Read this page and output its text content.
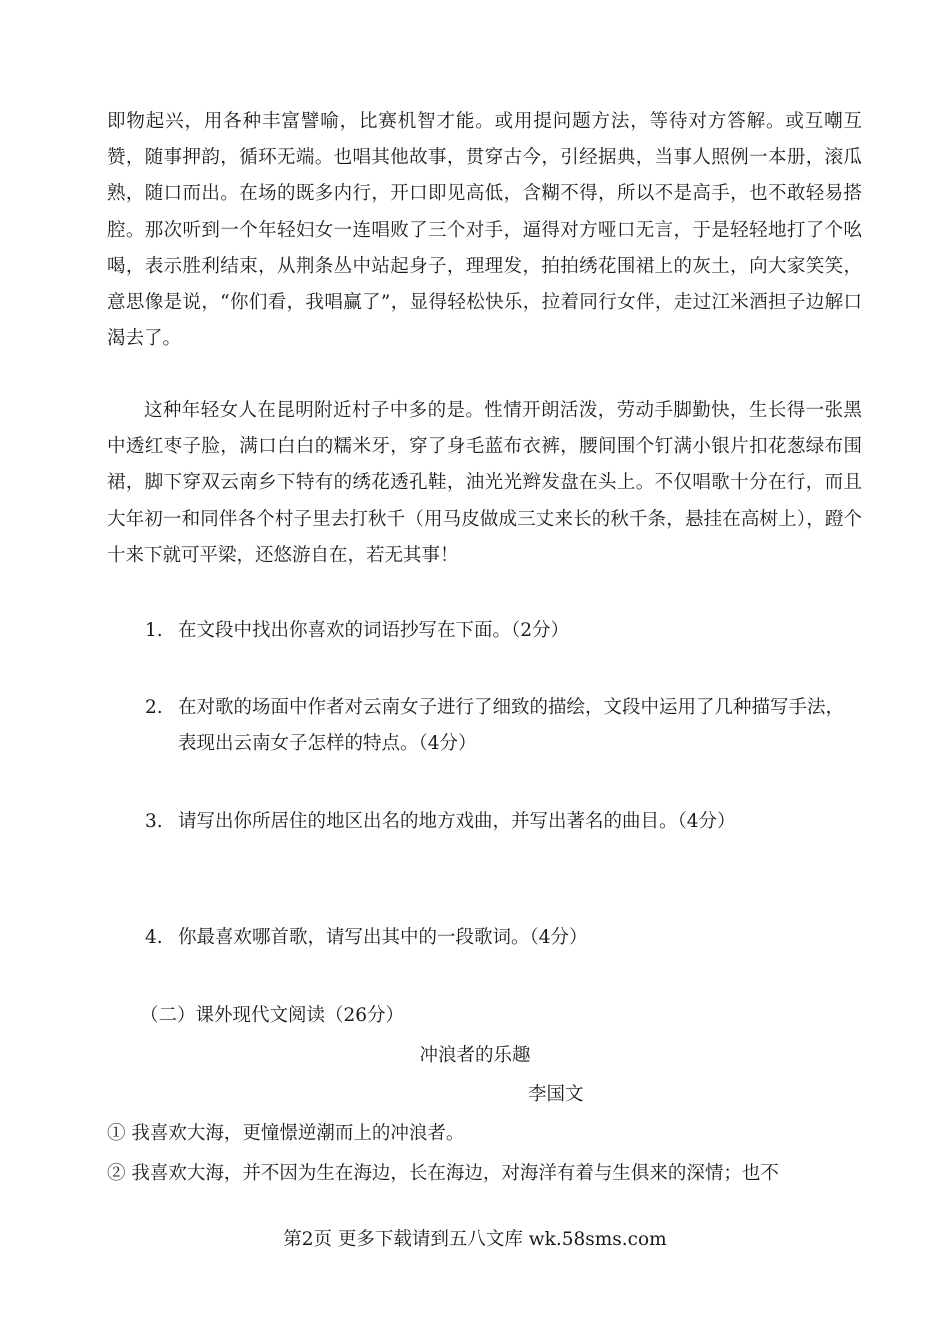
即物起兴，用各种丰富譬喻，比赛机智才能。或用提问题方法，等待对方答解。或互嘲互赞，随事押韵，循环无端。也唱其他故事，贯穿古今，引经据典，当事人照例一本册，滚瓜熟，随口而出。在场的既多内行，开口即见高低，含糊不得，所以不是高手，也不敢轻易搭腔。那次听到一个年轻妇女一连唱败了三个对手，逼得对方哑口无言，于是轻轻地打了个吆喝，表示胜利结束，从荆条丛中站起身子，理理发，拍拍绣花围裙上的灰土，向大家笑笑，意思像是说，“你们看，我唱赢了”，显得轻松快乐，拉着同行女伴，走过江米酒担子边解口渴去了。

这种年轻女人在昆明附近村子中多的是。性情开朗活泼，劳动手脚勤快，生长得一张黑中透红枣子脸，满口白白的糯米牙，穿了身毛蓝布衣裤，腰间围个钉满小银片扣花葱绿布围裙，脚下穿双云南乡下特有的绣花透孔鞋，油光光辫发盘在头上。不仅唱歌十分在行，而且大年初一和同伴各个村子里去打秋千（用马皮做成三丈来长的秋千条，悬挂在高树上），蹬个十来下就可平梁，还悠游自在，若无其事！

1. 在文段中找出你喜欢的词语抄写在下面。（2分）
2. 在对歌的场面中作者对云南女子进行了细致的描绘，文段中运用了几种描写手法，表现出云南女子怎样的特点。（4分）
3. 请写出你所居住的地区出名的地方戏曲，并写出著名的曲目。（4分）
4. 你最喜欢哪首歌，请写出其中的一段歌词。（4分）

（二）课外现代文阅读（26分）

冲浪者的乐趣

李国文

① 我喜欢大海，更憧憬逆潮而上的冲浪者。

② 我喜欢大海，并不因为生在海边，长在海边，对海洋有着与生俱来的深情；也不

第2页 更多下载请到五八文库 wk.58sms.com
